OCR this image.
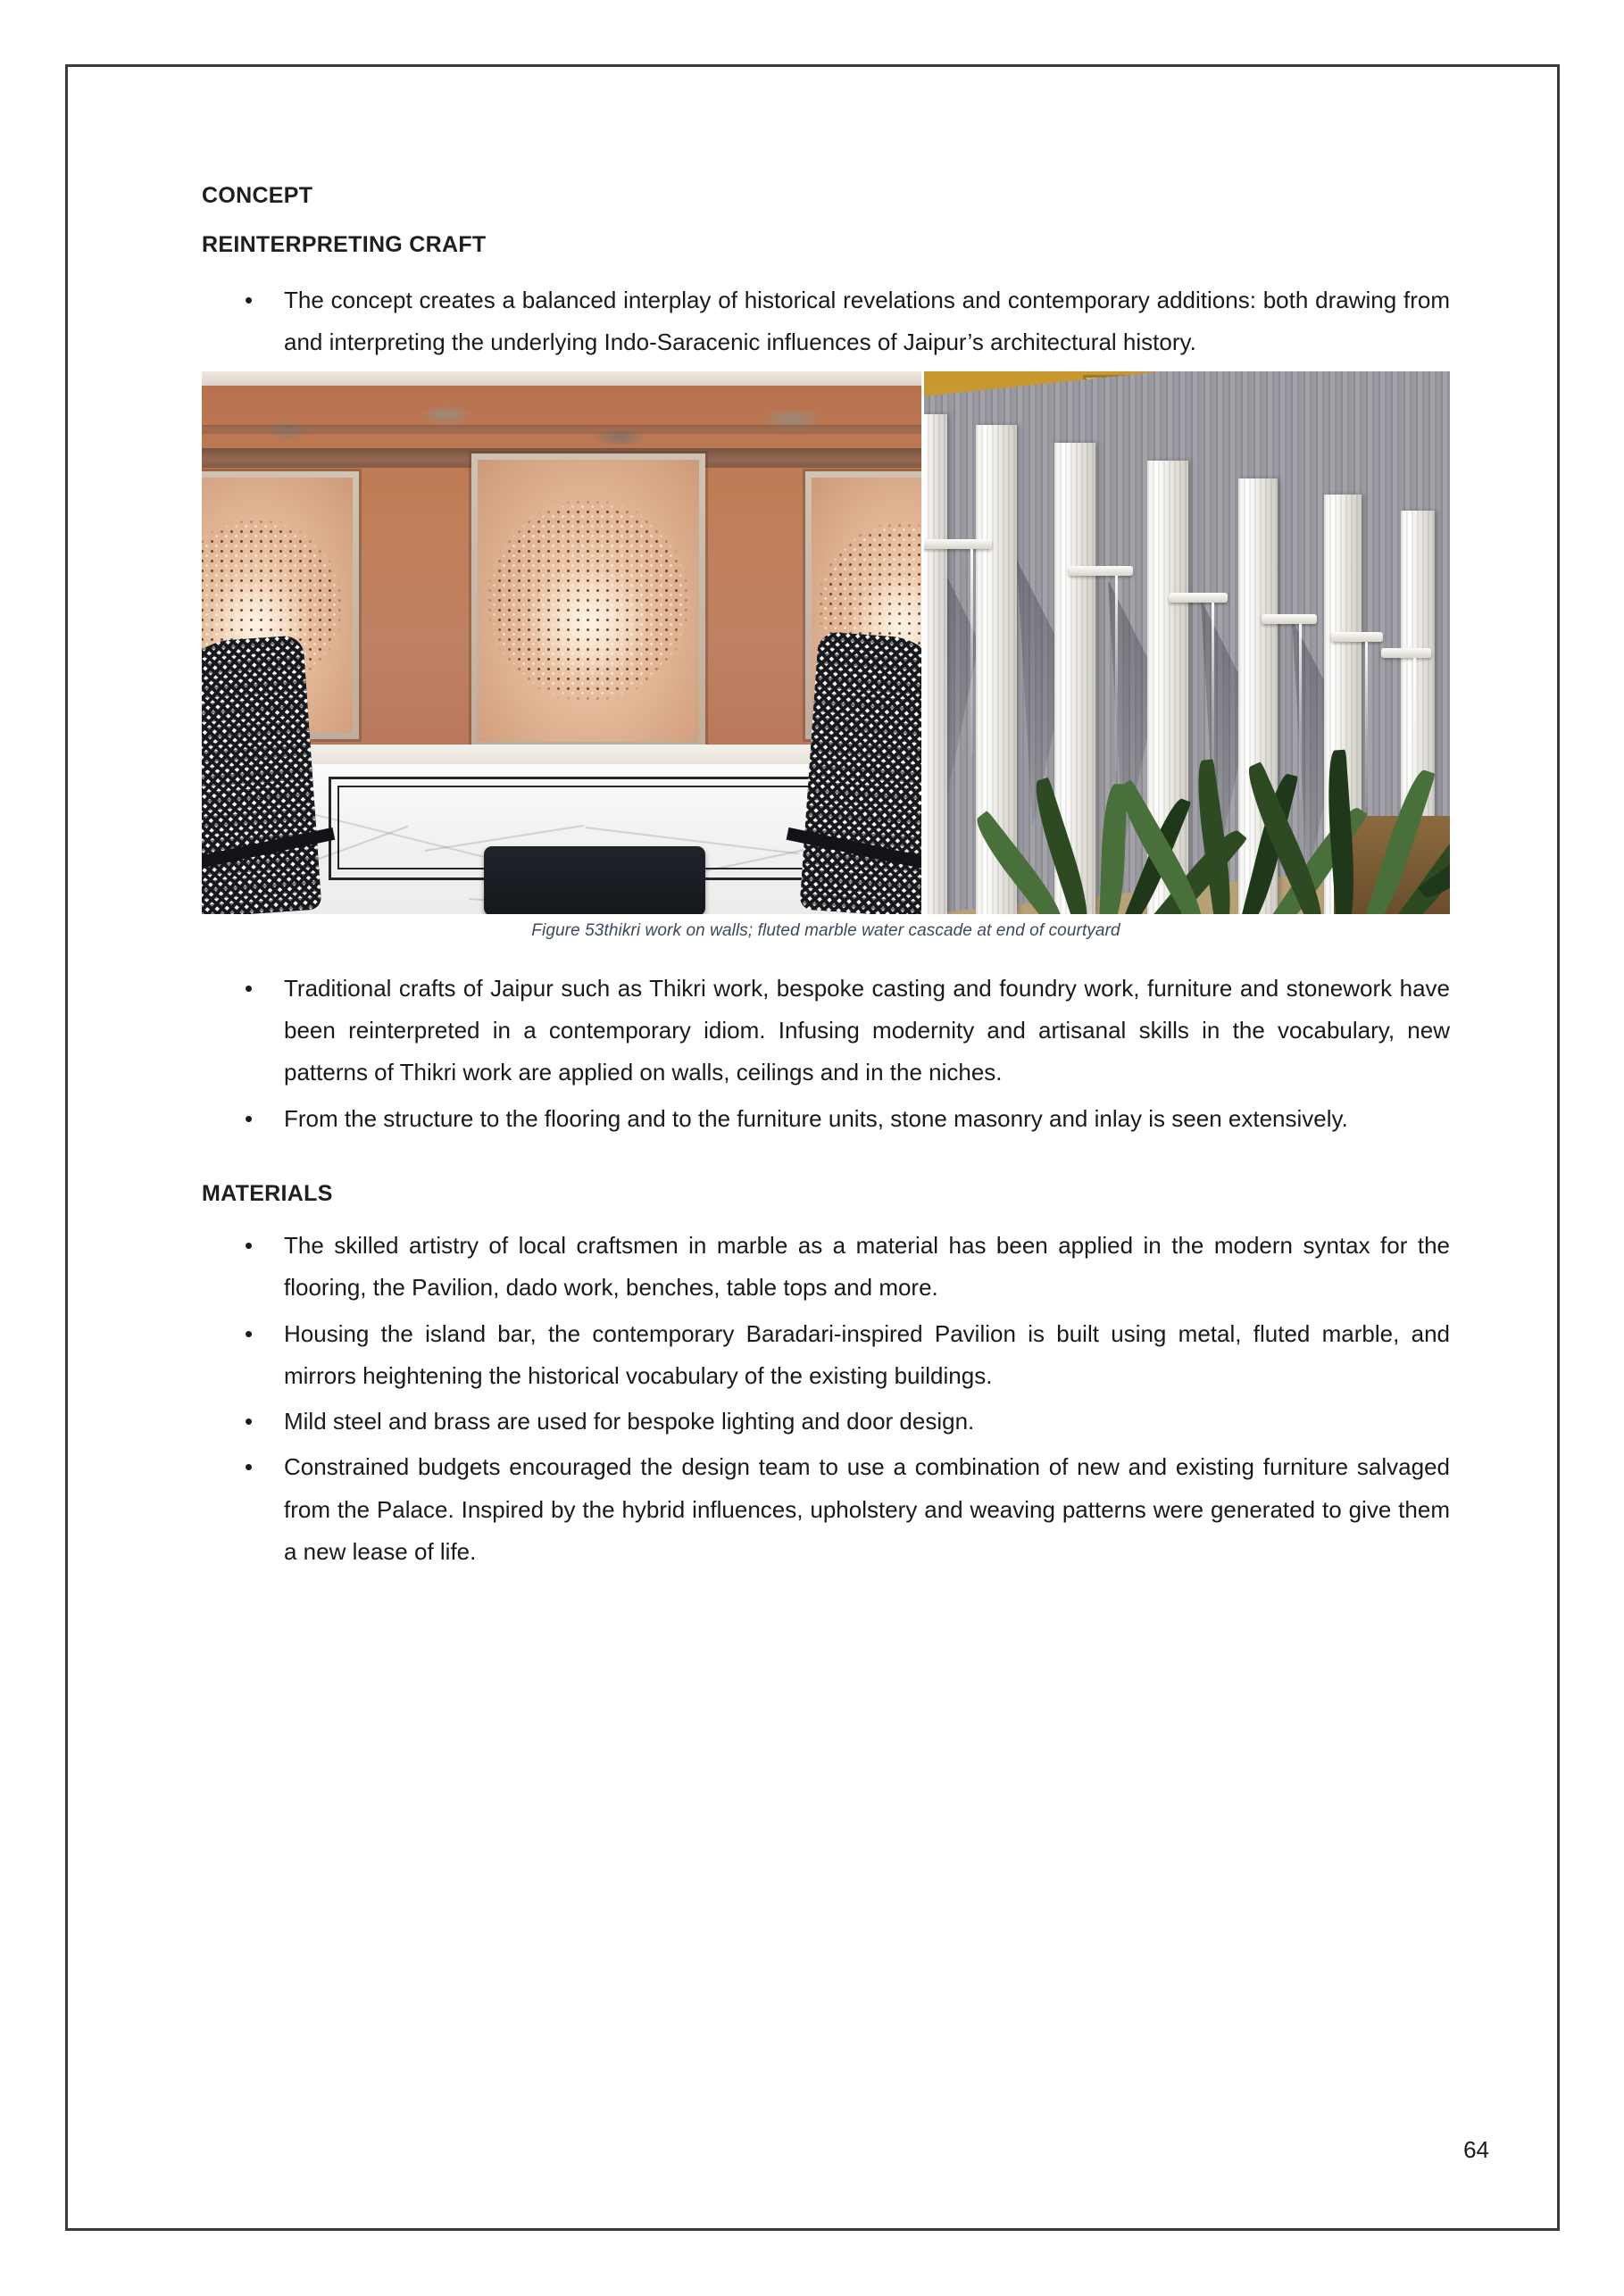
CONCEPT
REINTERPRETING CRAFT
• The concept creates a balanced interplay of historical revelations and contemporary additions: both drawing from and interpreting the underlying Indo-Saracenic influences of Jaipur’s architectural history.
Figure 53thikri work on walls; fluted marble water cascade at end of courtyard
• Traditional crafts of Jaipur such as Thikri work, bespoke casting and foundry work, furniture and stonework have been reinterpreted in a contemporary idiom. Infusing modernity and artisanal skills in the vocabulary, new patterns of Thikri work are applied on walls, ceilings and in the niches.
• From the structure to the flooring and to the furniture units, stone masonry and inlay is seen extensively.
MATERIALS
• The skilled artistry of local craftsmen in marble as a material has been applied in the modern syntax for the flooring, the Pavilion, dado work, benches, table tops and more.
• Housing the island bar, the contemporary Baradari-inspired Pavilion is built using metal, fluted marble, and mirrors heightening the historical vocabulary of the existing buildings.
• Mild steel and brass are used for bespoke lighting and door design.
• Constrained budgets encouraged the design team to use a combination of new and existing furniture salvaged from the Palace. Inspired by the hybrid influences, upholstery and weaving patterns were generated to give them a new lease of life.
64
